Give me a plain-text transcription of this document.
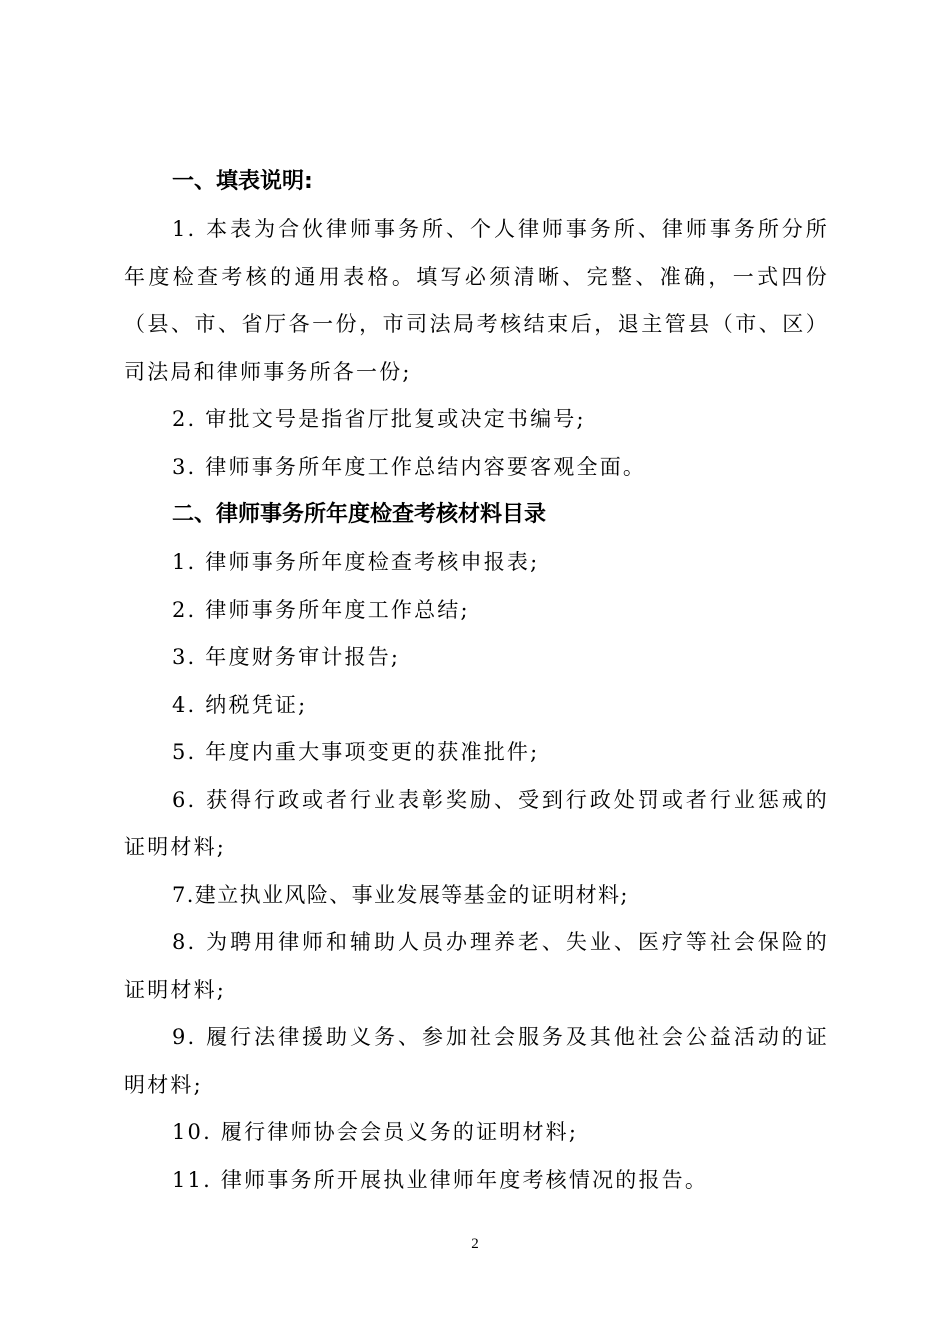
一、填表说明:

1. 本表为合伙律师事务所、个人律师事务所、律师事务所分所年度检查考核的通用表格。填写必须清晰、完整、准确，一式四份（县、市、省厅各一份，市司法局考核结束后，退主管县（市、区）司法局和律师事务所各一份;

2. 审批文号是指省厅批复或决定书编号;

3. 律师事务所年度工作总结内容要客观全面。

二、律师事务所年度检查考核材料目录

1. 律师事务所年度检查考核申报表;

2. 律师事务所年度工作总结;

3. 年度财务审计报告;

4. 纳税凭证;

5. 年度内重大事项变更的获准批件;

6. 获得行政或者行业表彰奖励、受到行政处罚或者行业惩戒的证明材料;

7.建立执业风险、事业发展等基金的证明材料;

8. 为聘用律师和辅助人员办理养老、失业、医疗等社会保险的证明材料;

9. 履行法律援助义务、参加社会服务及其他社会公益活动的证明材料;

10. 履行律师协会会员义务的证明材料;

11. 律师事务所开展执业律师年度考核情况的报告。

2
